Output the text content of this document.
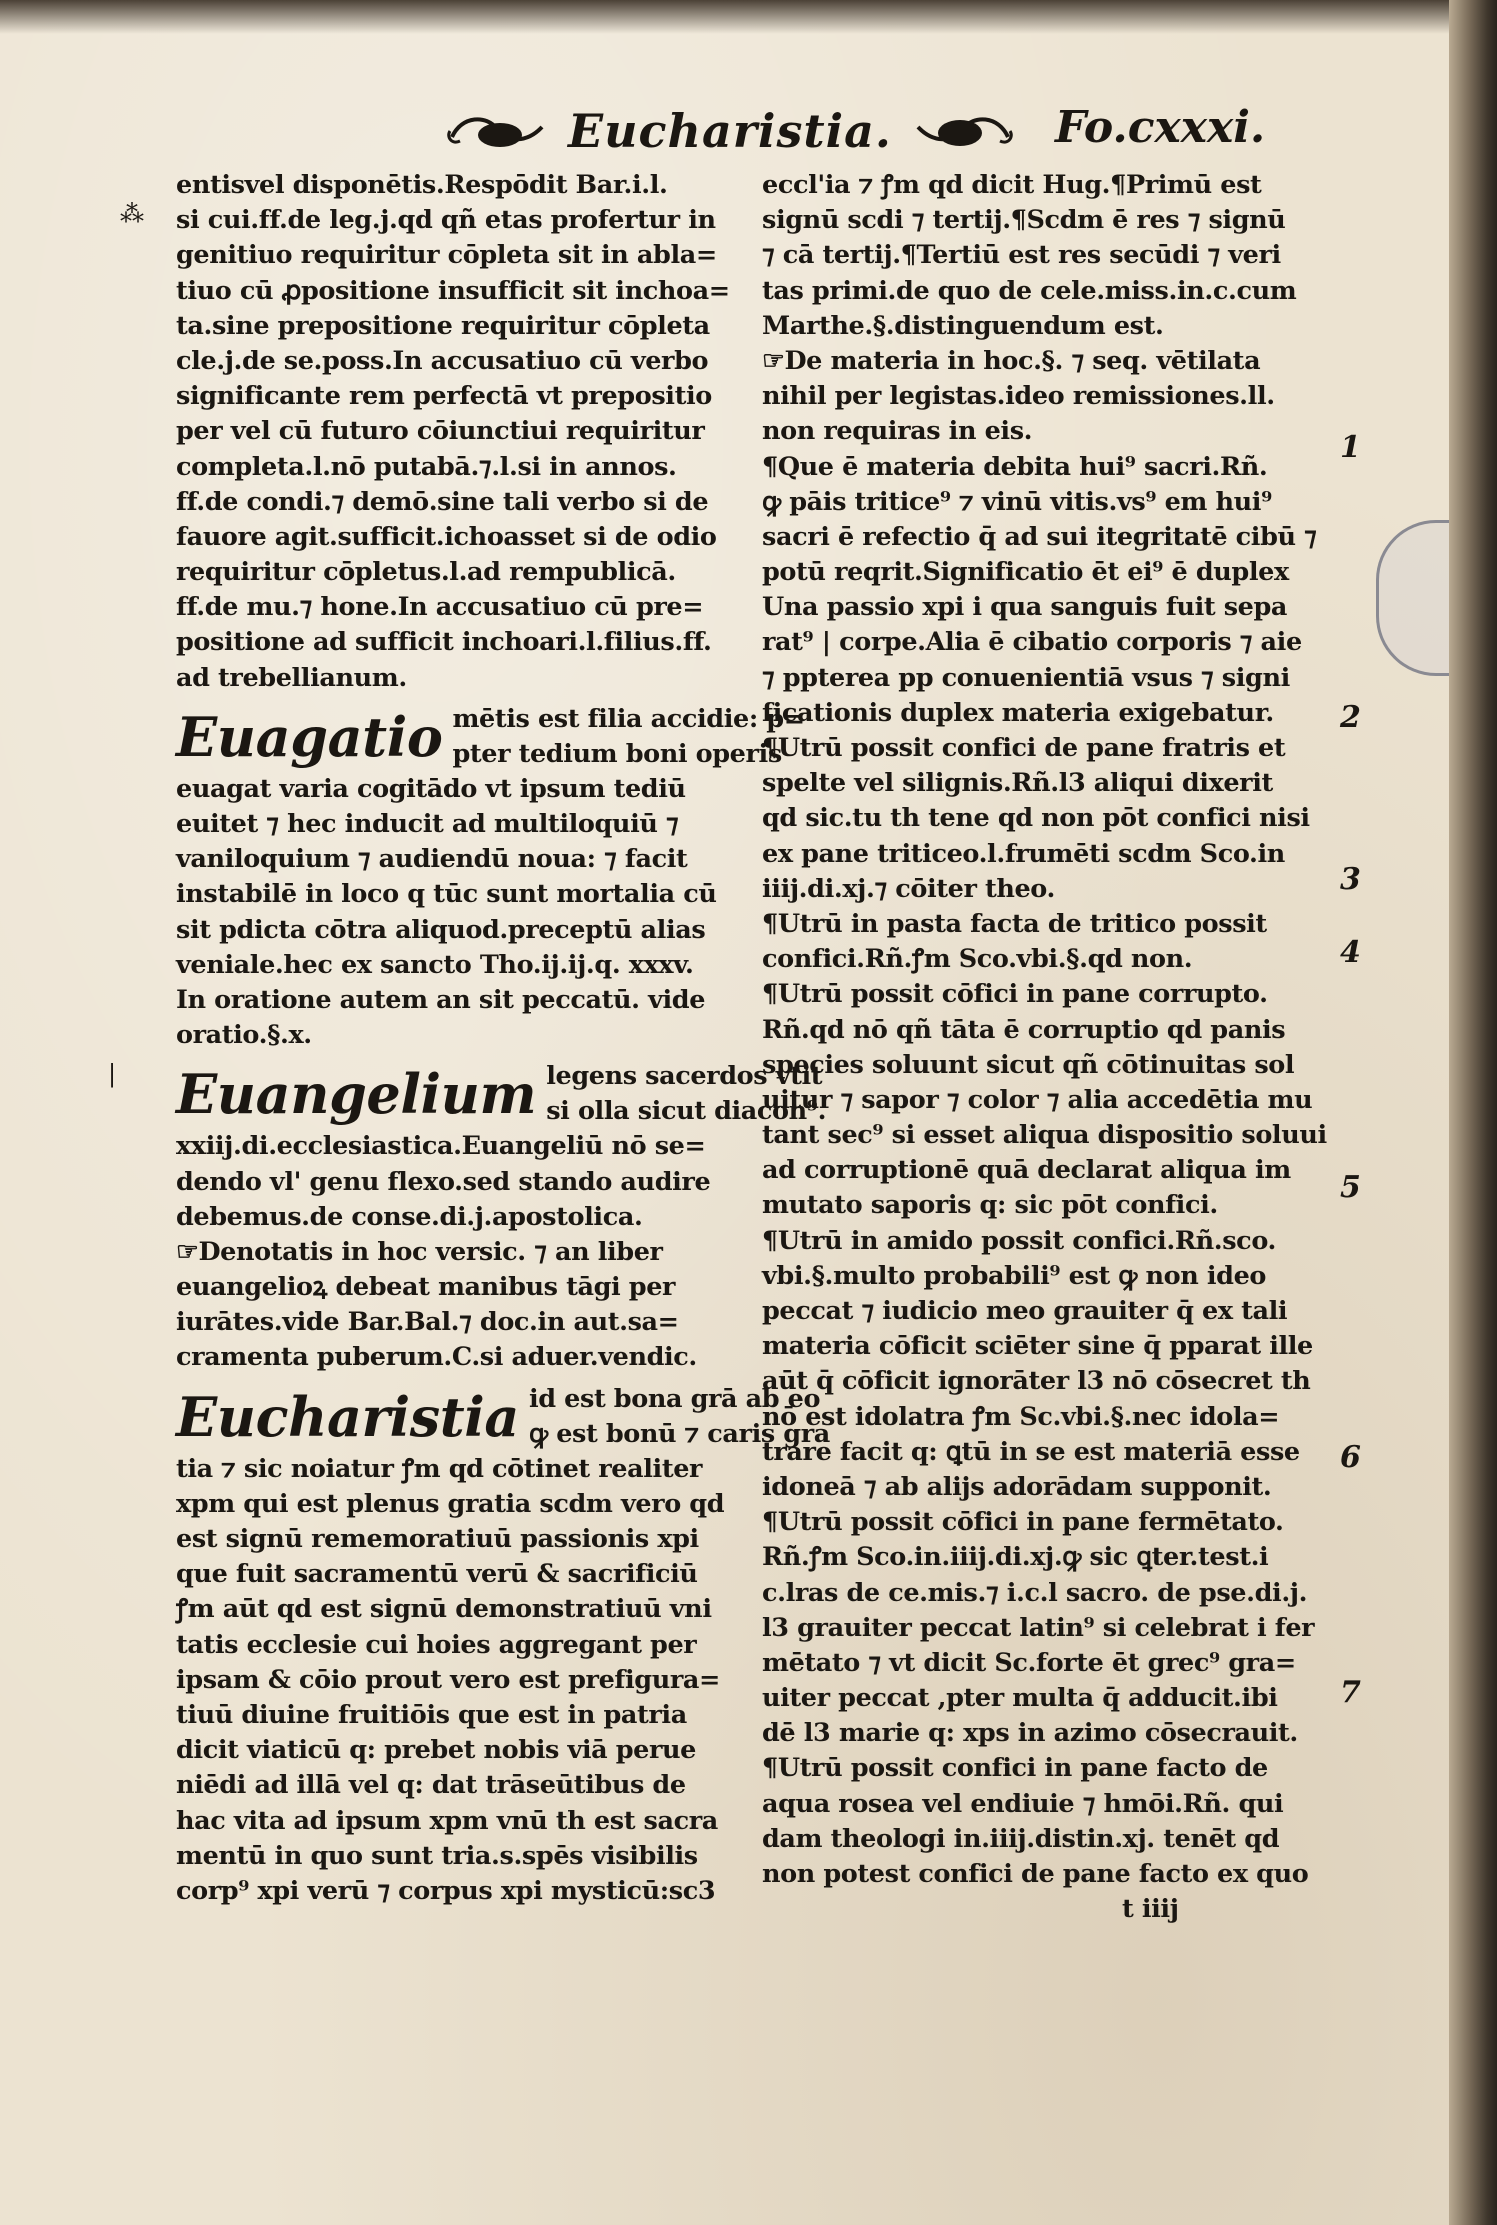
Eucharistia.	Fo.cxxxi.
entisvel disponētis.Respōdit Bar.i.l.
si cui.ff.de leg.j.qd qñ etas profertur in
genitiuo requiritur cōpleta sit in abla=
tiuo cū ꝓpositione insufficit sit inchoa=
ta.sine prepositione requiritur cōpleta
cle.j.de se.poss.In accusatiuo cū verbo
significante rem perfectā vt prepositio
per vel cū futuro cōiunctiui requiritur
completa.l.nō putabā.⁊.l.si in annos.
ff.de condi.⁊ demō.sine tali verbo si de
fauore agit.sufficit.ichoasset si de odio
requiritur cōpletus.l.ad rempublicā.
ff.de mu.⁊ hone.In accusatiuo cū pre=
positione ad sufficit inchoari.l.filius.ff.
ad trebellianum.
Euagatio mētis est filia accidie: p=
pter tedium boni operis
euagat varia cogitādo vt ipsum tediū
euitet ⁊ hec inducit ad multiloquiū ⁊
vaniloquium ⁊ audiendū noua: ⁊ facit
instabilē in loco q tūc sunt mortalia cū
sit pdicta cōtra aliquod.preceptū alias
veniale.hec ex sancto Tho.ij.ij.q. xxxv.
In oratione autem an sit peccatū. vide
oratio.§.x.
Euangelium legens sacerdos vtit
si olla sicut diacon⁹.
xxiij.di.ecclesiastica.Euangeliū nō se=
dendo vl' genu flexo.sed stando audire
debemus.de conse.di.j.apostolica.
☞Denotatis in hoc versic. ⁊ an liber
euangelioꝝ debeat manibus tāgi per
iurātes.vide Bar.Bal.⁊ doc.in aut.sa=
cramenta puberum.C.si aduer.vendic.
Eucharistia id est bona grā ab eo
ꝙ est bonū ⁊ caris gra
tia ⁊ sic noiatur ꝭm qd cōtinet realiter
xpm qui est plenus gratia scdm vero qd
est signū rememoratiuū passionis xpi
que fuit sacramentū verū & sacrificiū
ꝭm aūt qd est signū demonstratiuū vni
tatis ecclesie cui hoies aggregant per
ipsam & cōio prout vero est prefigura=
tiuū diuine fruitiōis que est in patria
dicit viaticū q: prebet nobis viā perue
niēdi ad illā vel q: dat trāseūtibus de
hac vita ad ipsum xpm vnū th est sacra
mentū in quo sunt tria.s.spēs visibilis
corp⁹ xpi verū ⁊ corpus xpi mysticū:sc3
eccl'ia ⁊ ꝭm qd dicit Hug.¶Primū est
signū scdi ⁊ tertij.¶Scdm ē res ⁊ signū
⁊ cā tertij.¶Tertiū est res secūdi ⁊ veri
tas primi.de quo de cele.miss.in.c.cum
Marthe.§.distinguendum est.
☞De materia in hoc.§. ⁊ seq. vētilata
nihil per legistas.ideo remissiones.ll.
non requiras in eis.
¶Que ē materia debita hui⁹ sacri.Rñ.
ꝙ pāis tritice⁹ ⁊ vinū vitis.vs⁹ em hui⁹
sacri ē refectio q̄ ad sui itegritatē cibū ⁊
potū reqrit.Significatio ēt ei⁹ ē duplex
Una passio xpi i qua sanguis fuit sepa
rat⁹ | corpe.Alia ē cibatio corporis ⁊ aie
⁊ ppterea pp conuenientiā vsus ⁊ signi
ficationis duplex materia exigebatur.
¶Utrū possit confici de pane fratris et
spelte vel silignis.Rñ.l3 aliqui dixerit
qd sic.tu th tene qd non pōt confici nisi
ex pane triticeo.l.frumēti scdm Sco.in
iiij.di.xj.⁊ cōiter theo.
¶Utrū in pasta facta de tritico possit
confici.Rñ.ꝭm Sco.vbi.§.qd non.
¶Utrū possit cōfici in pane corrupto.
Rñ.qd nō qñ tāta ē corruptio qd panis
species soluunt sicut qñ cōtinuitas sol
uitur ⁊ sapor ⁊ color ⁊ alia accedētia mu
tant sec⁹ si esset aliqua dispositio soluui
ad corruptionē quā declarat aliqua im
mutato saporis q: sic pōt confici.
¶Utrū in amido possit confici.Rñ.sco.
vbi.§.multo probabili⁹ est ꝙ non ideo
peccat ⁊ iudicio meo grauiter q̄ ex tali
materia cōficit sciēter sine q̄ pparat ille
aūt q̄ cōficit ignorāter l3 nō cōsecret th
nō est idolatra ꝭm Sc.vbi.§.nec idola=
trare facit q: ꝗtū in se est materiā esse
idoneā ⁊ ab alijs adorādam supponit.
¶Utrū possit cōfici in pane fermētato.
Rñ.ꝭm Sco.in.iiij.di.xj.ꝙ sic ꝗter.test.i
c.lras de ce.mis.⁊ i.c.l sacro. de pse.di.j.
l3 grauiter peccat latin⁹ si celebrat i fer
mētato ⁊ vt dicit Sc.forte ēt grec⁹ gra=
uiter peccat ,pter multa q̄ adducit.ibi
dē l3 marie q: xps in azimo cōsecrauit.
¶Utrū possit confici in pane facto de
aqua rosea vel endiuie ⁊ hmōi.Rñ. qui
dam theologi in.iiij.distin.xj. tenēt qd
non potest confici de pane facto ex quo
t iiij
1
2
3
4
5
6
7
⁂
|
